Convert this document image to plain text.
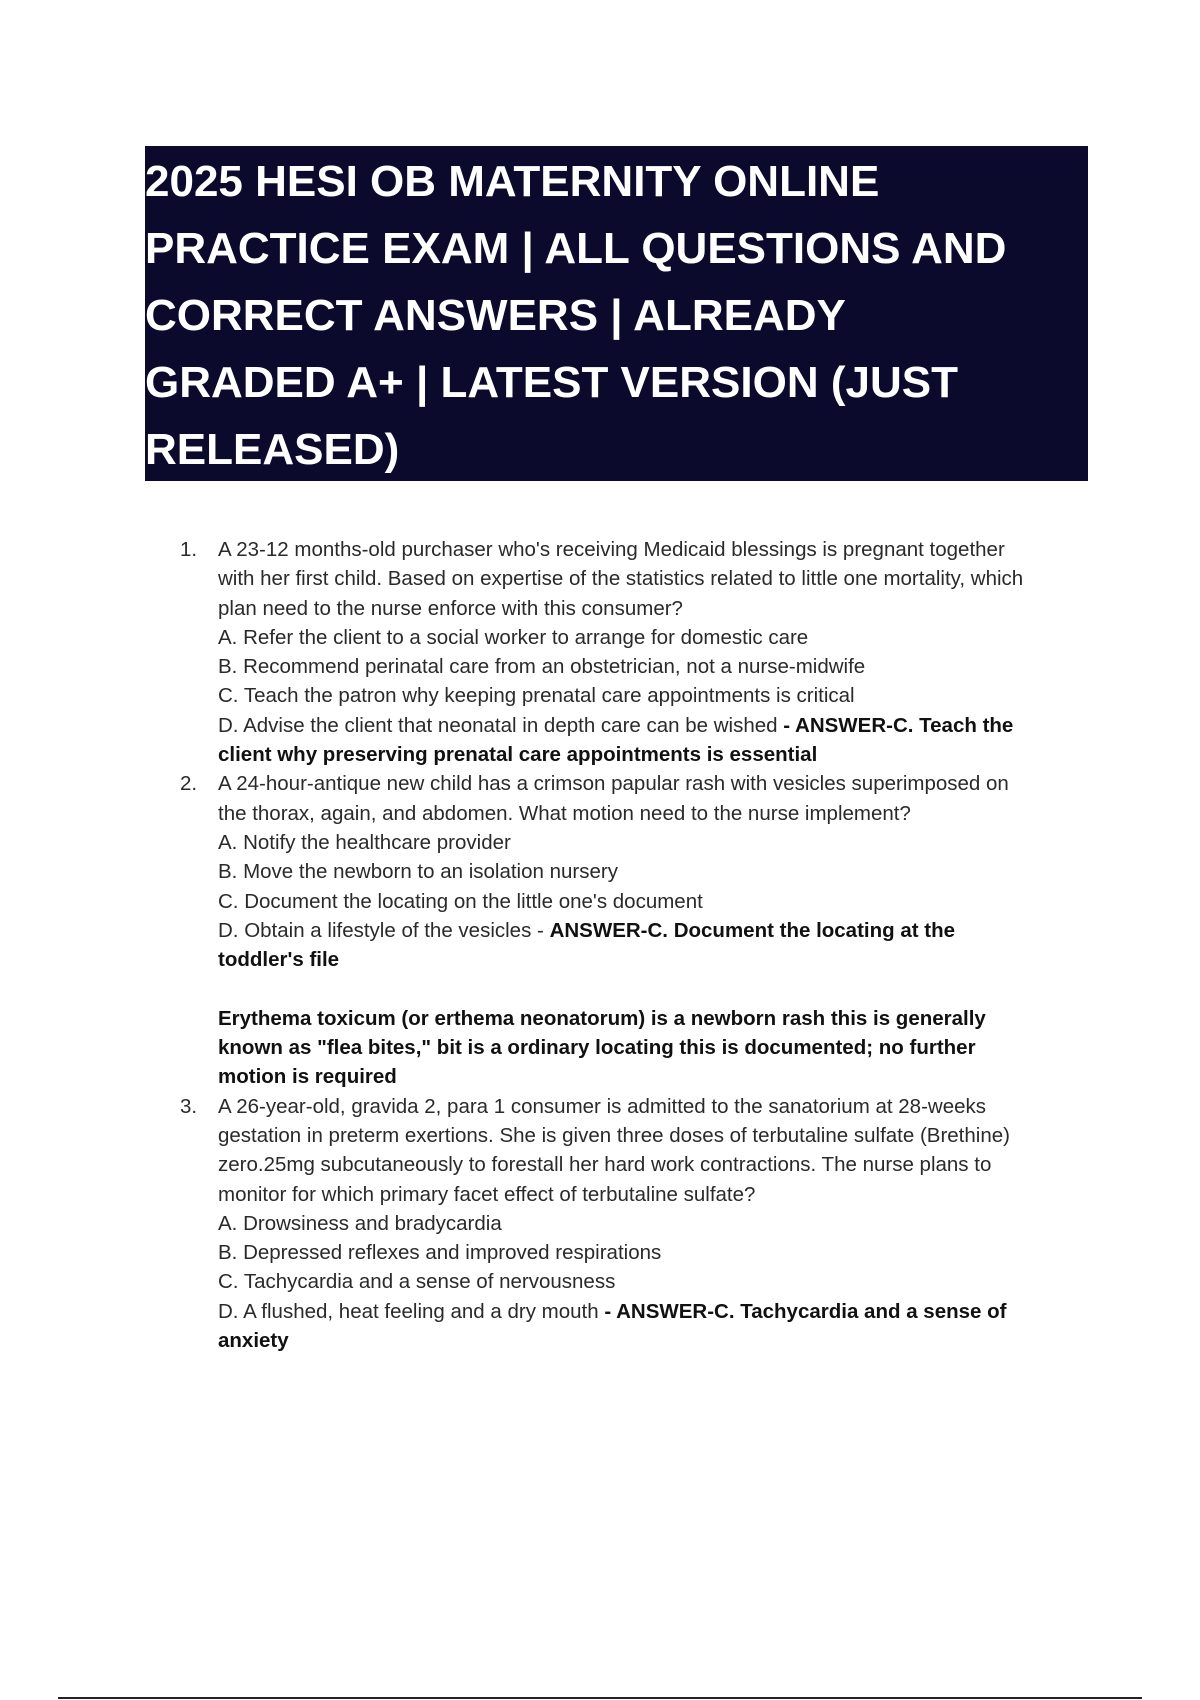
2025 HESI OB MATERNITY ONLINE

PRACTICE EXAM | ALL QUESTIONS AND

CORRECT ANSWERS | ALREADY

GRADED A+ | LATEST VERSION (JUST

RELEASED)

1. A 23-12 months-old purchaser who's receiving Medicaid blessings is pregnant together
with her first child. Based on expertise of the statistics related to little one mortality, which
plan need to the nurse enforce with this consumer?
A. Refer the client to a social worker to arrange for domestic care
B. Recommend perinatal care from an obstetrician, not a nurse-midwife
C. Teach the patron why keeping prenatal care appointments is critical
D. Advise the client that neonatal in depth care can be wished - ANSWER-C. Teach the
client why preserving prenatal care appointments is essential
2. A 24-hour-antique new child has a crimson papular rash with vesicles superimposed on
the thorax, again, and abdomen. What motion need to the nurse implement?
A. Notify the healthcare provider
B. Move the newborn to an isolation nursery
C. Document the locating on the little one's document
D. Obtain a lifestyle of the vesicles - ANSWER-C. Document the locating at the
toddler's file
Erythema toxicum (or erthema neonatorum) is a newborn rash this is generally
known as "flea bites," bit is a ordinary locating this is documented; no further
motion is required
3. A 26-year-old, gravida 2, para 1 consumer is admitted to the sanatorium at 28-weeks
gestation in preterm exertions. She is given three doses of terbutaline sulfate (Brethine)
zero.25mg subcutaneously to forestall her hard work contractions. The nurse plans to
monitor for which primary facet effect of terbutaline sulfate?
A. Drowsiness and bradycardia
B. Depressed reflexes and improved respirations
C. Tachycardia and a sense of nervousness
D. A flushed, heat feeling and a dry mouth - ANSWER-C. Tachycardia and a sense of
anxiety
